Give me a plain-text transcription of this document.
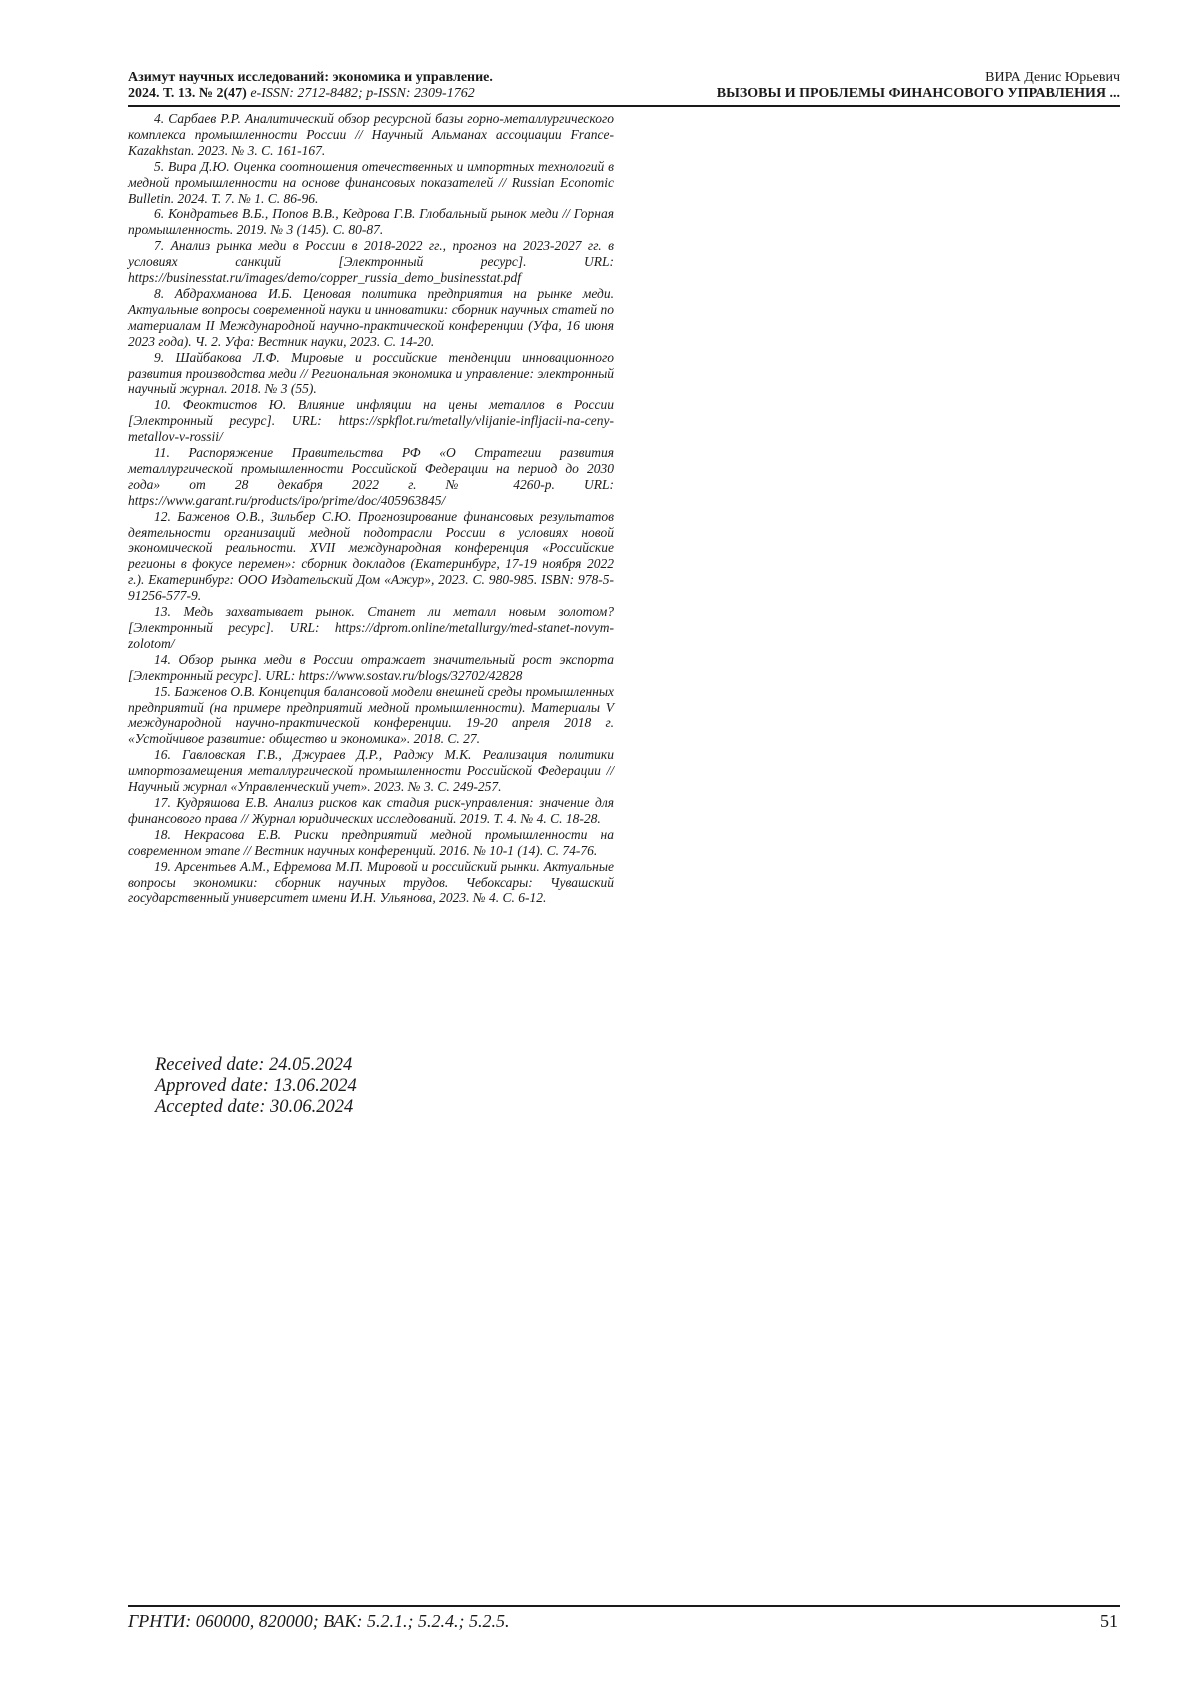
Азимут научных исследований: экономика и управление.
2024. Т. 13. № 2(47) e-ISSN: 2712-8482; p-ISSN: 2309-1762
ВИРА Денис Юрьевич
ВЫЗОВЫ И ПРОБЛЕМЫ ФИНАНСОВОГО УПРАВЛЕНИЯ ...

4. Сарбаев Р.Р. Аналитический обзор ресурсной базы горно-металлургического комплекса промышленности России // Научный Альманах ассоциации France-Kazakhstan. 2023. № 3. С. 161-167.

5. Вира Д.Ю. Оценка соотношения отечественных и импортных технологий в медной промышленности на основе финансовых показателей // Russian Economic Bulletin. 2024. Т. 7. № 1. С. 86-96.

6. Кондратьев В.Б., Попов В.В., Кедрова Г.В. Глобальный рынок меди // Горная промышленность. 2019. № 3 (145). С. 80-87.

7. Анализ рынка меди в России в 2018-2022 гг., прогноз на 2023-2027 гг. в условиях санкций [Электронный ресурс]. URL: https://businesstat.ru/images/demo/copper_russia_demo_businesstat.pdf

8. Абдрахманова И.Б. Ценовая политика предприятия на рынке меди. Актуальные вопросы современной науки и инноватики: сборник научных статей по материалам II Международной научно-практической конференции (Уфа, 16 июня 2023 года). Ч. 2. Уфа: Вестник науки, 2023. С. 14-20.

9. Шайбакова Л.Ф. Мировые и российские тенденции инновационного развития производства меди // Региональная экономика и управление: электронный научный журнал. 2018. № 3 (55).

10. Феоктистов Ю. Влияние инфляции на цены металлов в России [Электронный ресурс]. URL: https://spkflot.ru/metally/vlijanie-infljacii-na-ceny-metallov-v-rossii/

11. Распоряжение Правительства РФ «О Стратегии развития металлургической промышленности Российской Федерации на период до 2030 года» от 28 декабря 2022 г. № 4260-р. URL: https://www.garant.ru/products/ipo/prime/doc/405963845/

12. Баженов О.В., Зильбер С.Ю. Прогнозирование финансовых результатов деятельности организаций медной подотрасли России в условиях новой экономической реальности. XVII международная конференция «Российские регионы в фокусе перемен»: сборник докладов (Екатеринбург, 17-19 ноября 2022 г.). Екатеринбург: ООО Издательский Дом «Ажур», 2023. С. 980-985. ISBN: 978-5-91256-577-9.

13. Медь захватывает рынок. Станет ли металл новым золотом? [Электронный ресурс]. URL: https://dprom.online/metallurgy/med-stanet-novym-zolotom/

14. Обзор рынка меди в России отражает значительный рост экспорта [Электронный ресурс]. URL: https://www.sostav.ru/blogs/32702/42828

15. Баженов О.В. Концепция балансовой модели внешней среды промышленных предприятий (на примере предприятий медной промышленности). Материалы V международной научно-практической конференции. 19-20 апреля 2018 г. «Устойчивое развитие: общество и экономика». 2018. С. 27.

16. Гавловская Г.В., Джураев Д.Р., Раджу М.К. Реализация политики импортозамещения металлургической промышленности Российской Федерации // Научный журнал «Управленческий учет». 2023. № 3. С. 249-257.

17. Кудряшова Е.В. Анализ рисков как стадия риск-управления: значение для финансового права // Журнал юридических исследований. 2019. Т. 4. № 4. С. 18-28.

18. Некрасова Е.В. Риски предприятий медной промышленности на современном этапе // Вестник научных конференций. 2016. № 10-1 (14). С. 74-76.

19. Арсентьев А.М., Ефремова М.П. Мировой и российский рынки. Актуальные вопросы экономики: сборник научных трудов. Чебоксары: Чувашский государственный университет имени И.Н. Ульянова, 2023. № 4. С. 6-12.

Received date: 24.05.2024
Approved date: 13.06.2024
Accepted date: 30.06.2024
ГРНТИ: 060000, 820000; ВАК: 5.2.1.; 5.2.4.; 5.2.5.	51
